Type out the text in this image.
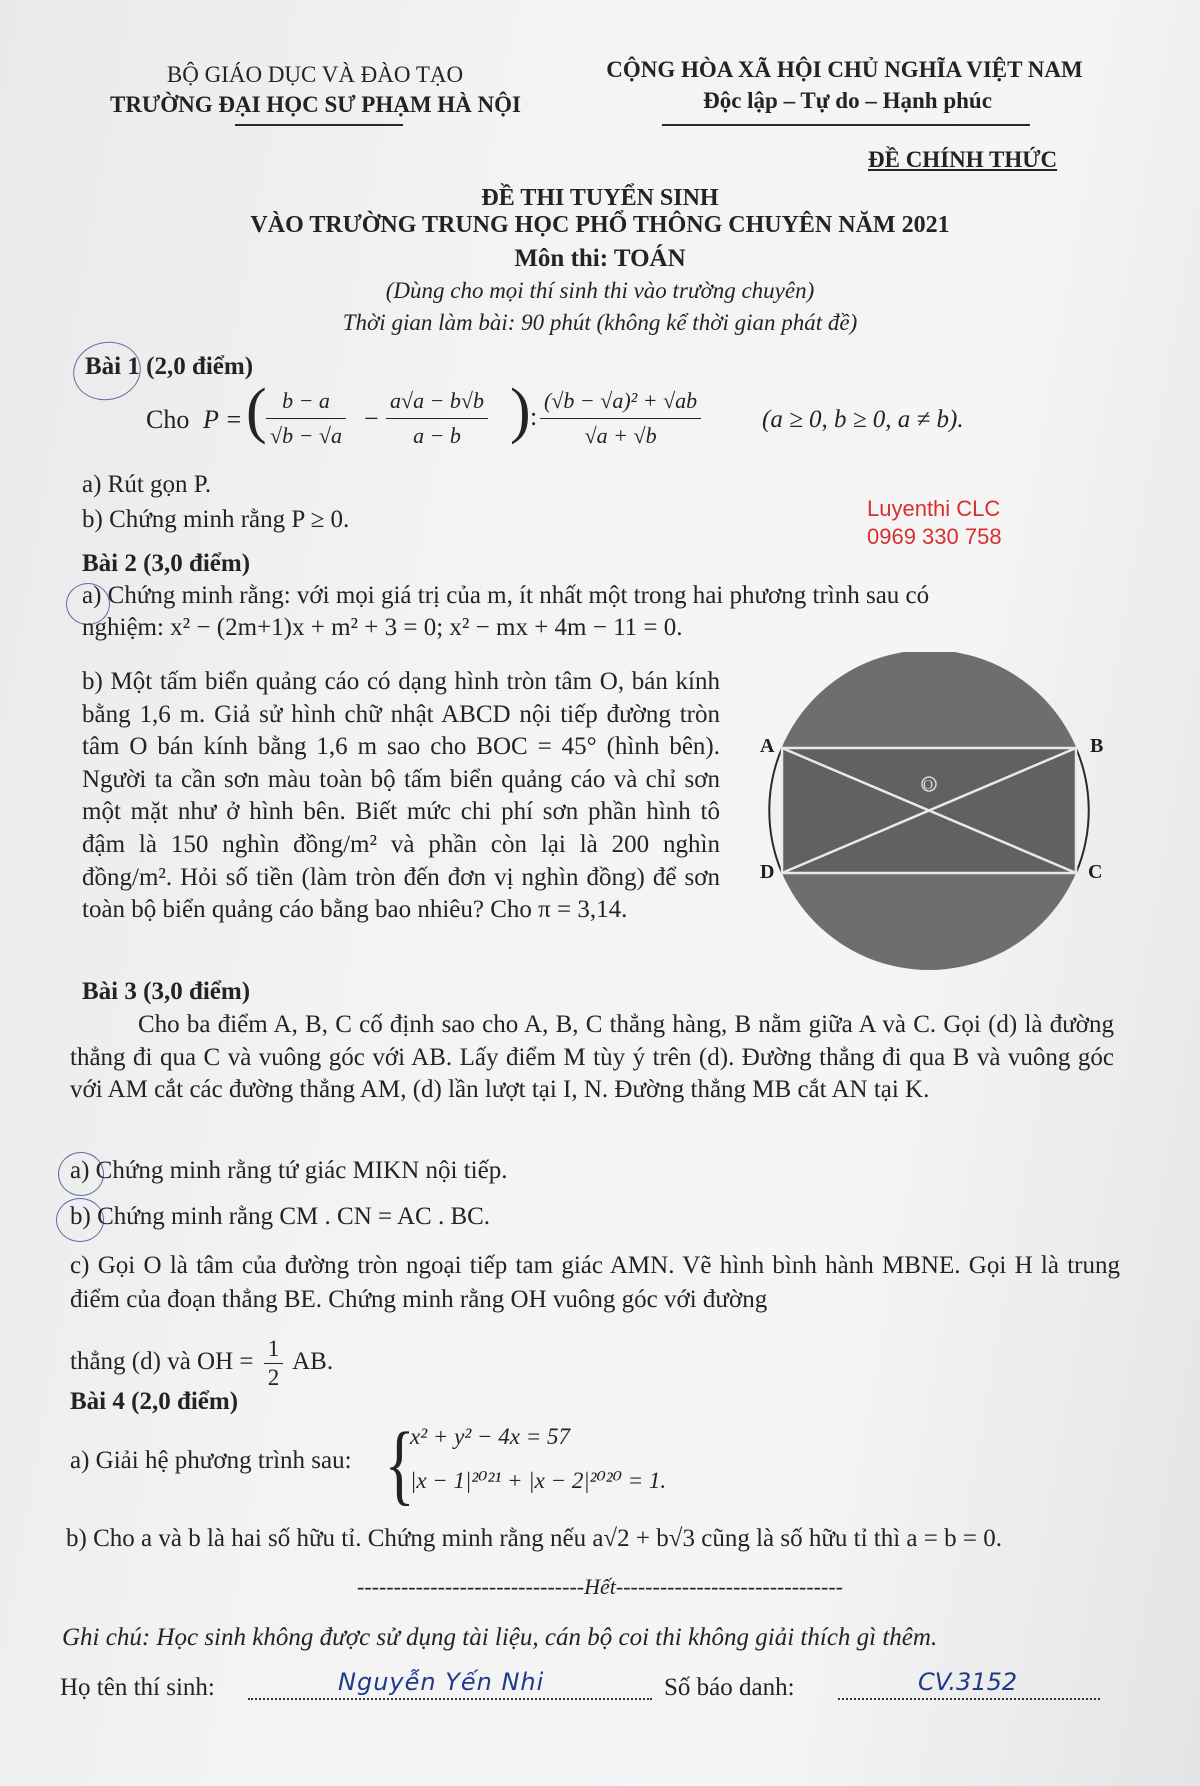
BỘ GIÁO DỤC VÀ ĐÀO TẠO
TRƯỜNG ĐẠI HỌC SƯ PHẠM HÀ NỘI
CỘNG HÒA XÃ HỘI CHỦ NGHĨA VIỆT NAM
Độc lập – Tự do – Hạnh phúc
ĐỀ CHÍNH THỨC
ĐỀ THI TUYỂN SINH
VÀO TRƯỜNG TRUNG HỌC PHỔ THÔNG CHUYÊN NĂM 2021
Môn thi: TOÁN
(Dùng cho mọi thí sinh thi vào trường chuyên)
Thời gian làm bài: 90 phút (không kể thời gian phát đề)
Bài 1 (2,0 điểm)
Cho P = ( $\frac{b - a}{√b - √a} - \frac{a√a - b√b}{a - b}$ ) : $\frac{\text{(√b − √a)² + √ab}}{√a + √b} (a \ge 0$, b ≥ 0, a ≠ b).
a) Rút gọn P.
b) Chứng minh rằng P ≥ 0.	Luyenthi CLC
0969 330 758
Bài 2 (3,0 điểm)
a) Chứng minh rằng: với mọi giá trị của m, ít nhất một trong hai phương trình sau có
nghiệm: x² − (2m+1)x + m² + 3 = 0; x² − mx + 4m − 11 = 0.
b) Một tấm biển quảng cáo có dạng hình tròn tâm O, bán kính bằng 1,6 m. Giả sử hình chữ nhật ABCD nội tiếp đường tròn tâm O bán kính bằng 1,6 m sao cho BOC = 45° (hình bên). Người ta cần sơn màu toàn bộ tấm biển quảng cáo và chỉ sơn một mặt như ở hình bên. Biết mức chi phí sơn phần hình tô đậm là 150 nghìn đồng/m² và phần còn lại là 200 nghìn đồng/m². Hỏi số tiền (làm tròn đến đơn vị nghìn đồng) để sơn toàn bộ biển quảng cáo bằng bao nhiêu? Cho π = 3,14.
A	B
C
D
O
Bài 3 (3,0 điểm)
Cho ba điểm A, B, C cố định sao cho A, B, C thẳng hàng, B nằm giữa A và C. Gọi (d) là đường thẳng đi qua C và vuông góc với AB. Lấy điểm M tùy ý trên (d). Đường thẳng đi qua B và vuông góc với AM cắt các đường thẳng AM, (d) lần lượt tại I, N. Đường thẳng MB cắt AN tại K.
a) Chứng minh rằng tứ giác MIKN nội tiếp.
b) Chứng minh rằng CM . CN = AC . BC.
c) Gọi O là tâm của đường tròn ngoại tiếp tam giác AMN. Vẽ hình bình hành MBNE. Gọi H là trung điểm của đoạn thẳng BE. Chứng minh rằng OH vuông góc với đường
thẳng (d) và OH = $\frac{1}{2}$ AB.
Bài 4 (2,0 điểm)
a) Giải hệ phương trình sau: {
x² + y² − 4x = 57
|x − 1|²⁰²¹ + |x − 2|²⁰²⁰ = 1.
b) Cho a và b là hai số hữu tỉ. Chứng minh rằng nếu a√2 + b√3 cũng là số hữu tỉ thì a = b = 0.
-------------------------------Hết-------------------------------
Ghi chú: Học sinh không được sử dụng tài liệu, cán bộ coi thi không giải thích gì thêm.
Họ tên thí sinh:	Nguyễn Yến Nhi	Số báo danh:	CV.3152
